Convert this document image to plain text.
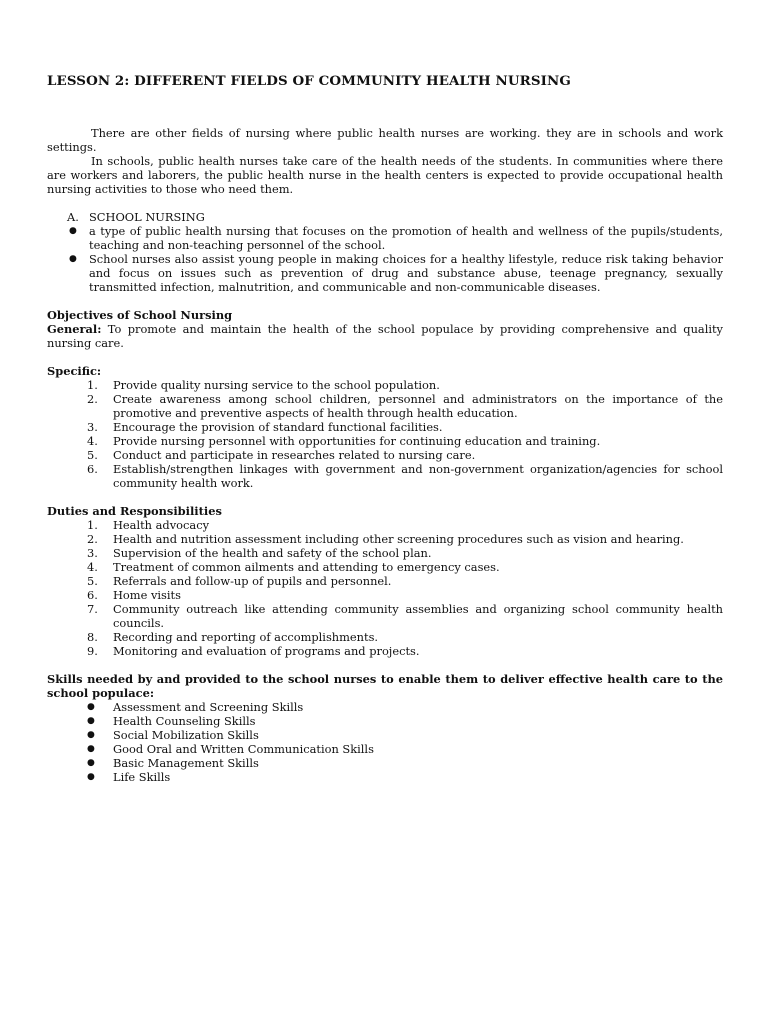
LESSON 2: DIFFERENT FIELDS OF COMMUNITY HEALTH NURSING

There are other fields of nursing where public health nurses are working. they are in schools and work settings.

In schools, public health nurses take care of the health needs of the students. In communities where there are workers and laborers, the public health nurse in the health centers is expected to provide occupational health nursing activities to those who need them.

A. SCHOOL NURSING
● a type of public health nursing that focuses on the promotion of health and wellness of the pupils/students, teaching and non-teaching personnel of the school.
● School nurses also assist young people in making choices for a healthy lifestyle, reduce risk taking behavior and focus on issues such as prevention of drug and substance abuse, teenage pregnancy, sexually transmitted infection, malnutrition, and communicable and non-communicable diseases.
Objectives of School Nursing

General: To promote and maintain the health of the school populace by providing comprehensive and quality nursing care.

Specific:
1.	Provide quality nursing service to the school population.
2.	Create awareness among school children, personnel and administrators on the importance of the promotive and preventive aspects of health through health education.
3.	Encourage the provision of standard functional facilities.
4.	Provide nursing personnel with opportunities for continuing education and training.
5.	Conduct and participate in researches related to nursing care.
6.	Establish/strengthen linkages with government and non-government organization/agencies for school community health work.
Duties and Responsibilities
1.	Health advocacy
2.	Health and nutrition assessment including other screening procedures such as vision and hearing.
3.	Supervision of the health and safety of the school plan.
4.	Treatment of common ailments and attending to emergency cases.
5.	Referrals and follow-up of pupils and personnel.
6.	Home visits
7.	Community outreach like attending community assemblies and organizing school community health councils.
8.	Recording and reporting of accomplishments.
9.	Monitoring and evaluation of programs and projects.

Skills needed by and provided to the school nurses to enable them to deliver effective health care to the school populace:

● Assessment and Screening Skills
● Health Counseling Skills
● Social Mobilization Skills
● Good Oral and Written Communication Skills
● Basic Management Skills
● Life Skills
